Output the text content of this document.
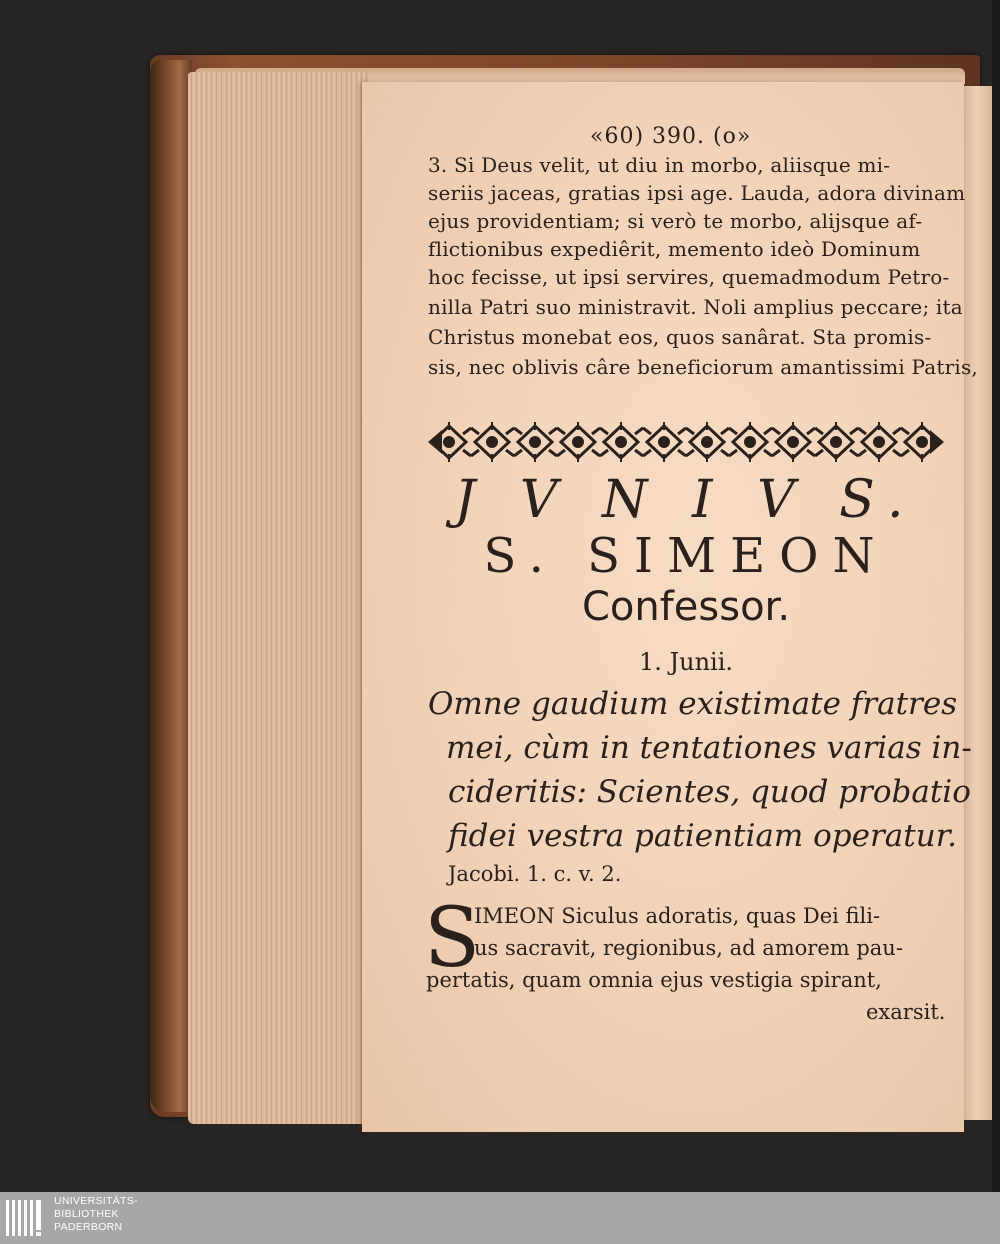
«60) 390. (o»
3. Si Deus velit, ut diu in morbo, aliisque mi-
seriis jaceas, gratias ipsi age. Lauda, adora divinam
ejus providentiam; si verò te morbo, alijsque af-
flictionibus expediêrit, memento ideò Dominum
hoc fecisse, ut ipsi servires, quemadmodum Petro-
nilla Patri suo ministravit. Noli amplius peccare; ita
Christus monebat eos, quos sanârat. Sta promis-
sis, nec oblivis câre beneficiorum amantissimi Patris,
J V N I V S.
S. SIMEON
Confessor.
1. Junii.
Omne gaudium existimate fratres
mei, cùm in tentationes varias in-
cideritis: Scientes, quod probatio
fidei vestra patientiam operatur.
Jacobi. 1. c. v. 2.
S
IMEON Siculus adoratis, quas Dei fili-
us sacravit, regionibus, ad amorem pau-
pertatis, quam omnia ejus vestigia spirant,
exarsit.
UNIVERSITÄTS-
BIBLIOTHEK
PADERBORN
